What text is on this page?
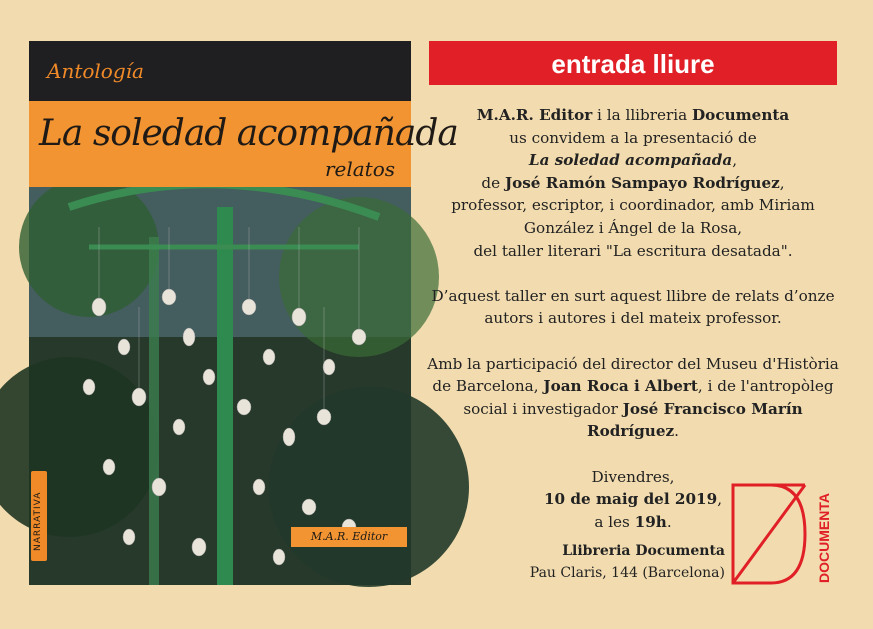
Antología
La soledad acompañada
relatos
NARRATIVA	M.A.R. Editor
entrada lliure

M.A.R. Editor i la llibreria Documenta

us convidem a la presentació de

La soledad acompañada,

de José Ramón Sampayo Rodríguez,

professor, escriptor, i coordinador, amb Miriam

González i Ángel de la Rosa,

del taller literari "La escritura desatada".

D’aquest taller en surt aquest llibre de relats d’onze

autors i autores i del mateix professor.

Amb la participació del director del Museu d'Història

de Barcelona, Joan Roca i Albert, i de l'antropòleg

social i investigador José Francisco Marín

Rodríguez.

Divendres,

10 de maig del 2019,

a les 19h.

Llibreria Documenta
Pau Claris, 144 (Barcelona)	DOCUMENTA
